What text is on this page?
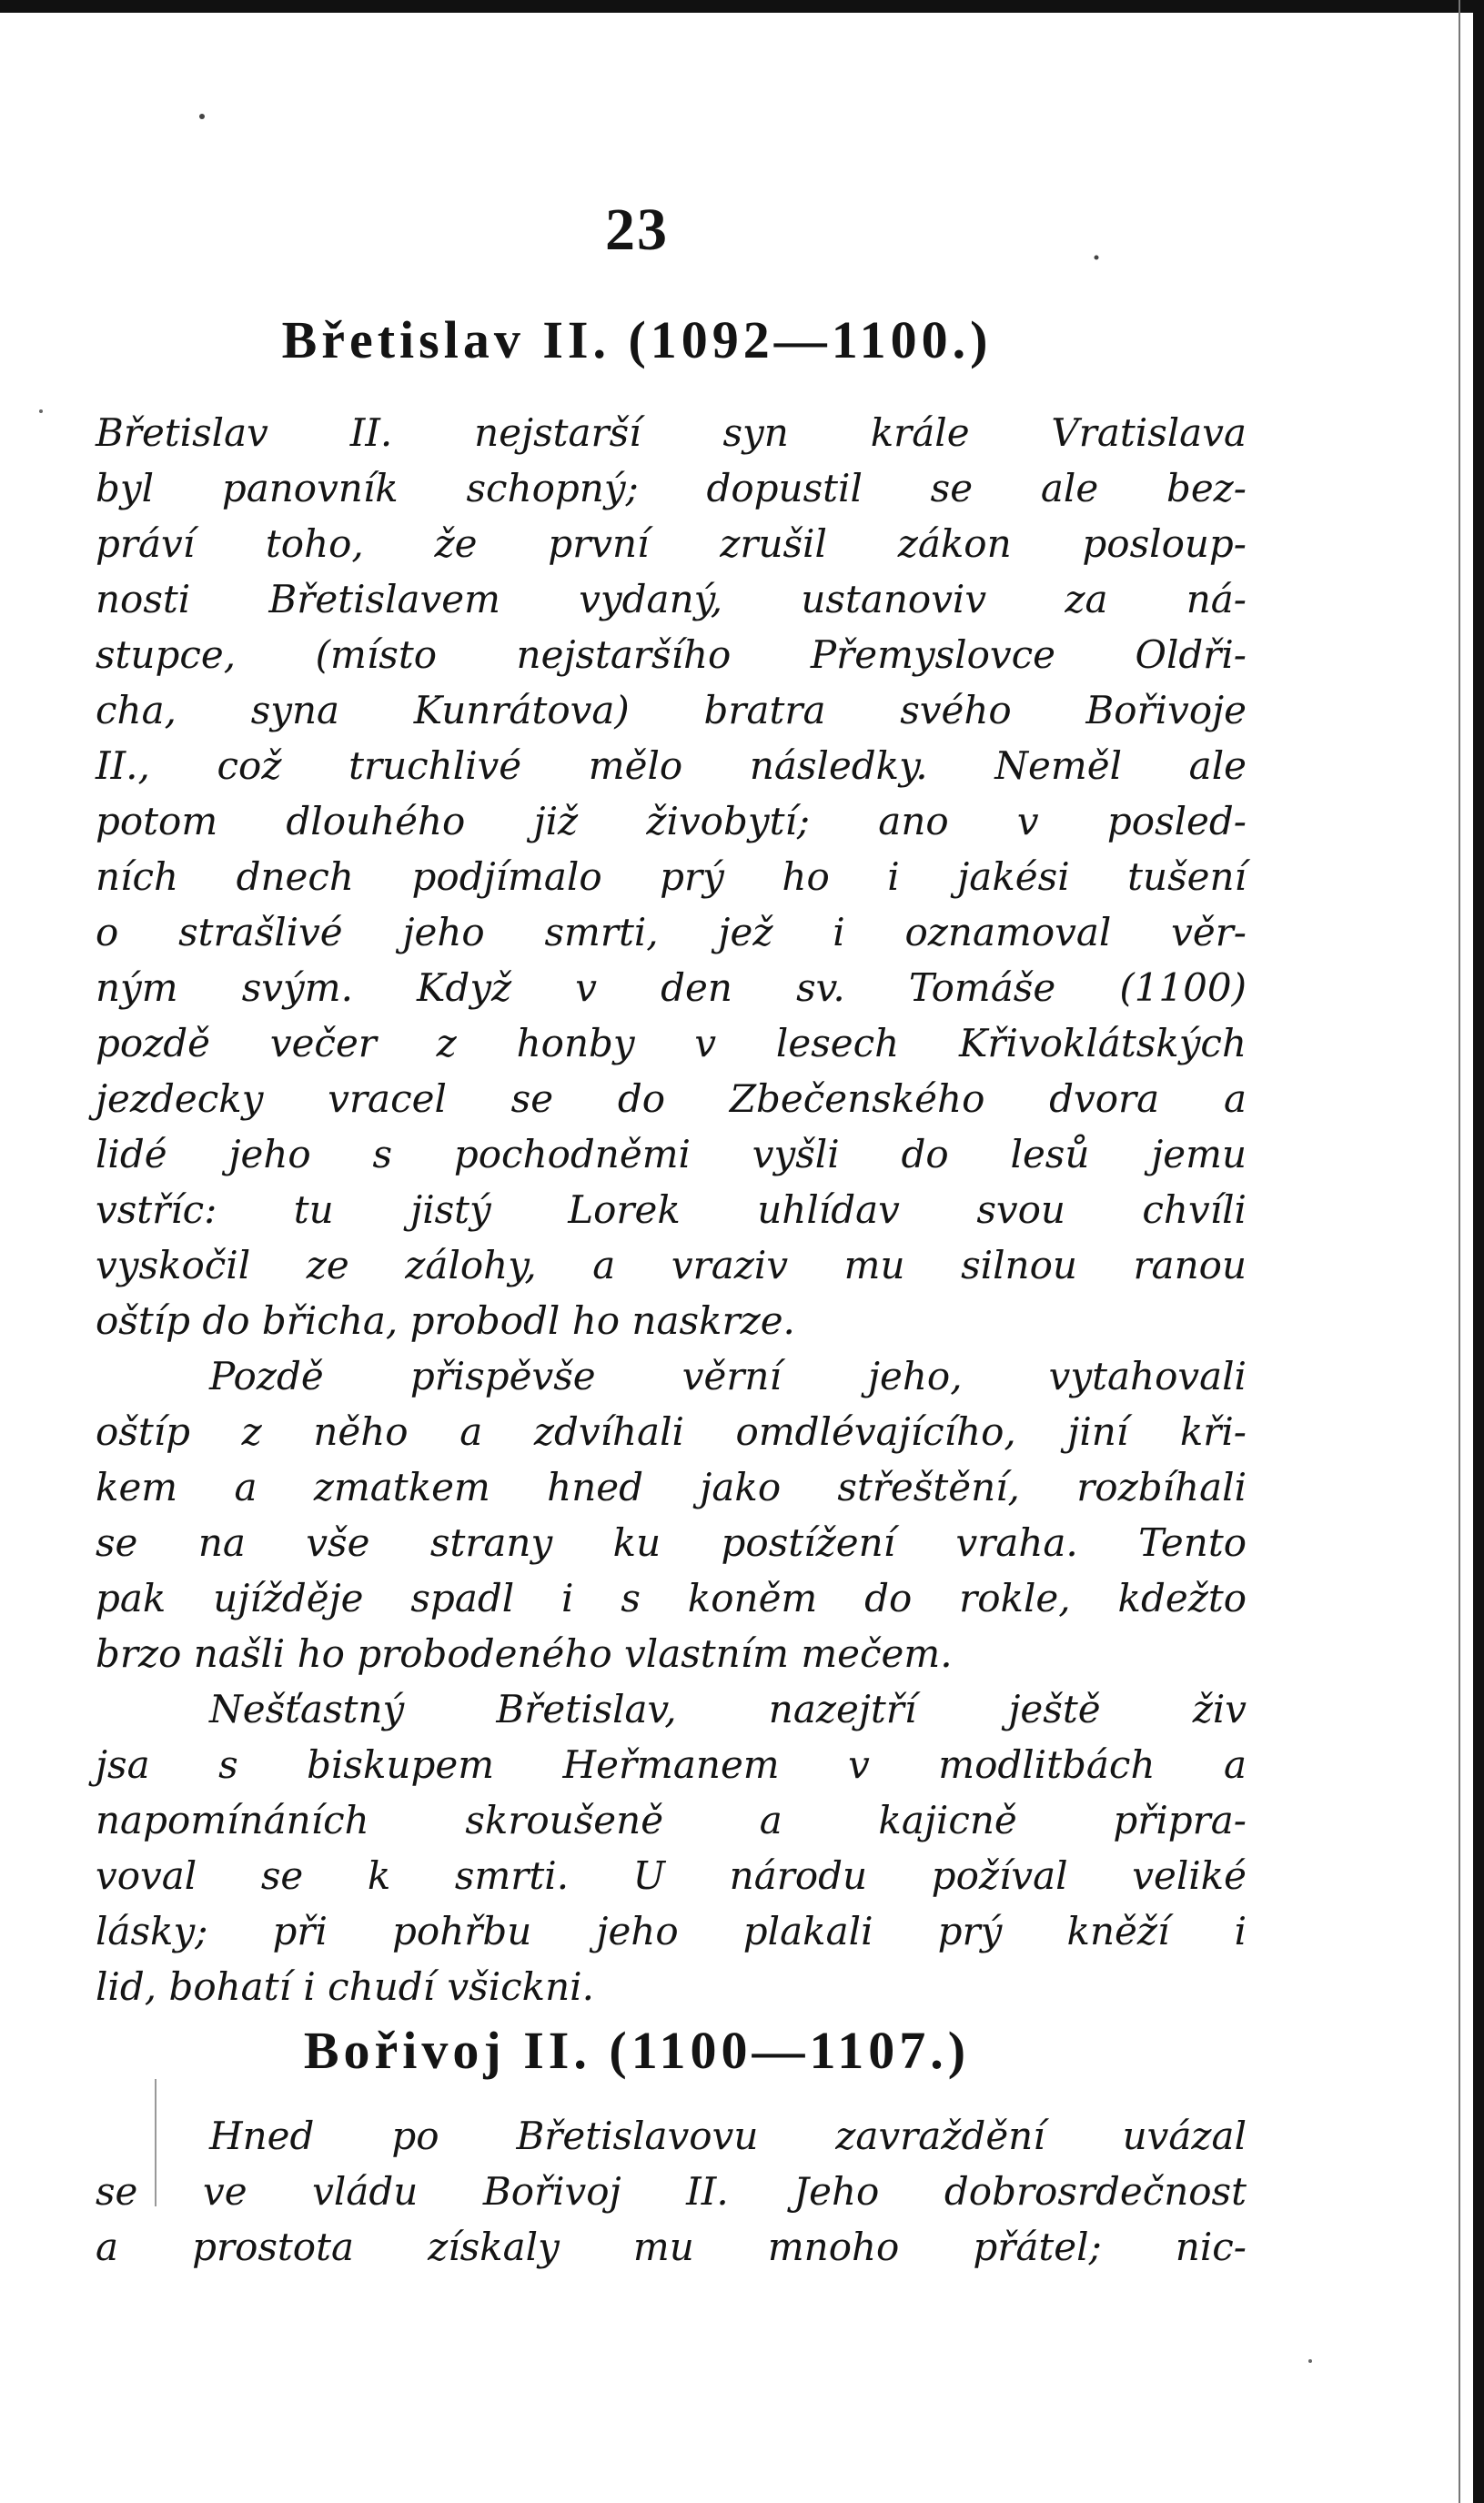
23
Břetislav II. (1092—1100.)
Břetislav II. nejstarší syn krále Vratislava
byl panovník schopný; dopustil se ale bez-
práví toho, že první zrušil zákon posloup-
nosti Břetislavem vydaný, ustanoviv za ná-
stupce, (místo nejstaršího Přemyslovce Oldři-
cha, syna Kunrátova) bratra svého Bořivoje
II., což truchlivé mělo následky. Neměl ale
potom dlouhého již živobytí; ano v posled-
ních dnech podjímalo prý ho i jakési tušení
o strašlivé jeho smrti, jež i oznamoval věr-
ným svým. Když v den sv. Tomáše (1100)
pozdě večer z honby v lesech Křivoklátských
jezdecky vracel se do Zbečenského dvora a
lidé jeho s pochodněmi vyšli do lesů jemu
vstříc: tu jistý Lorek uhlídav svou chvíli
vyskočil ze zálohy, a vraziv mu silnou ranou
oštíp do břicha, probodl ho naskrze.
Pozdě přispěvše věrní jeho, vytahovali
oštíp z něho a zdvíhali omdlévajícího, jiní kři-
kem a zmatkem hned jako střeštění, rozbíhali
se na vše strany ku postížení vraha. Tento
pak ujížděje spadl i s koněm do rokle, kdežto
brzo našli ho probodeného vlastním mečem.
Nešťastný Břetislav, nazejtří ještě živ
jsa s biskupem Heřmanem v modlitbách a
napomínáních skroušeně a kajicně připra-
voval se k smrti. U národu požíval veliké
lásky; při pohřbu jeho plakali prý kněží i
lid, bohatí i chudí všickni.
Bořivoj II. (1100—1107.)
Hned po Břetislavovu zavraždění uvázal
se ve vládu Bořivoj II. Jeho dobrosrdečnost
a prostota získaly mu mnoho přátel; nic-
